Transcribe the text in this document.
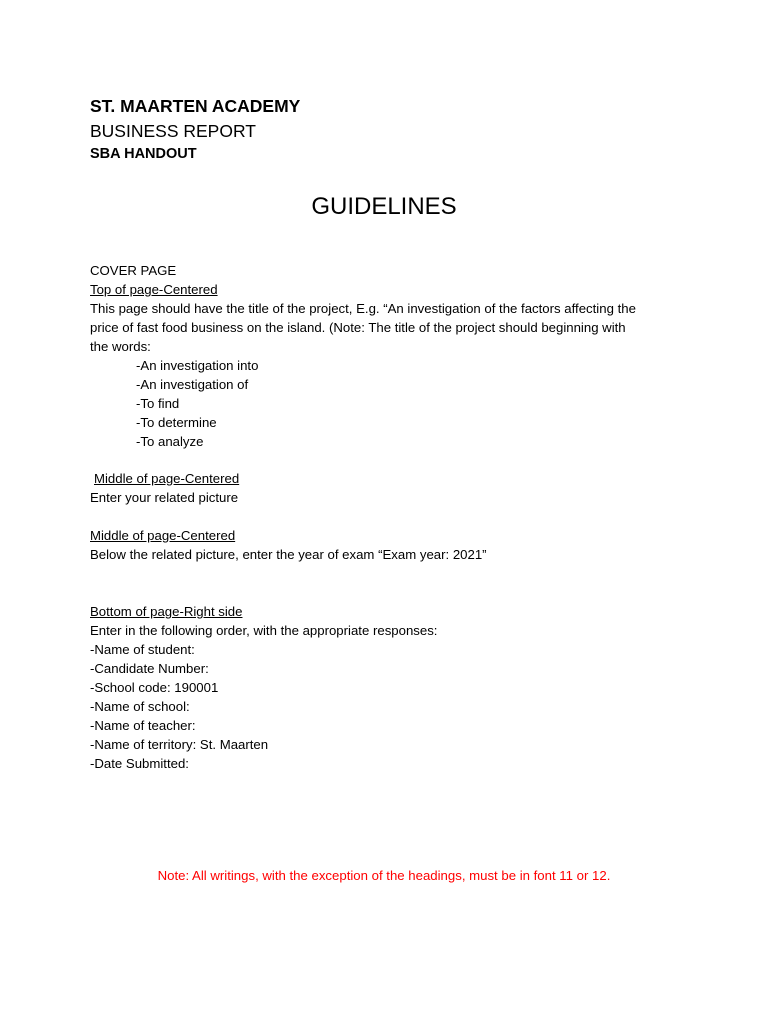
ST. MAARTEN ACADEMY
BUSINESS REPORT
SBA HANDOUT
GUIDELINES
COVER PAGE
Top of page-Centered
This page should have the title of the project, E.g. “An investigation of the factors affecting the
price of fast food business on the island. (Note: The title of the project should beginning with
the words:
-An investigation into
-An investigation of
-To find
-To determine
-To analyze
Middle of page-Centered
Enter your related picture
Middle of page-Centered
Below the related picture, enter the year of exam “Exam year: 2021”
Bottom of page-Right side
Enter in the following order, with the appropriate responses:
-Name of student:
-Candidate Number:
-School code: 190001
-Name of school:
-Name of teacher:
-Name of territory: St. Maarten
-Date Submitted:
Note: All writings, with the exception of the headings, must be in font 11 or 12.
